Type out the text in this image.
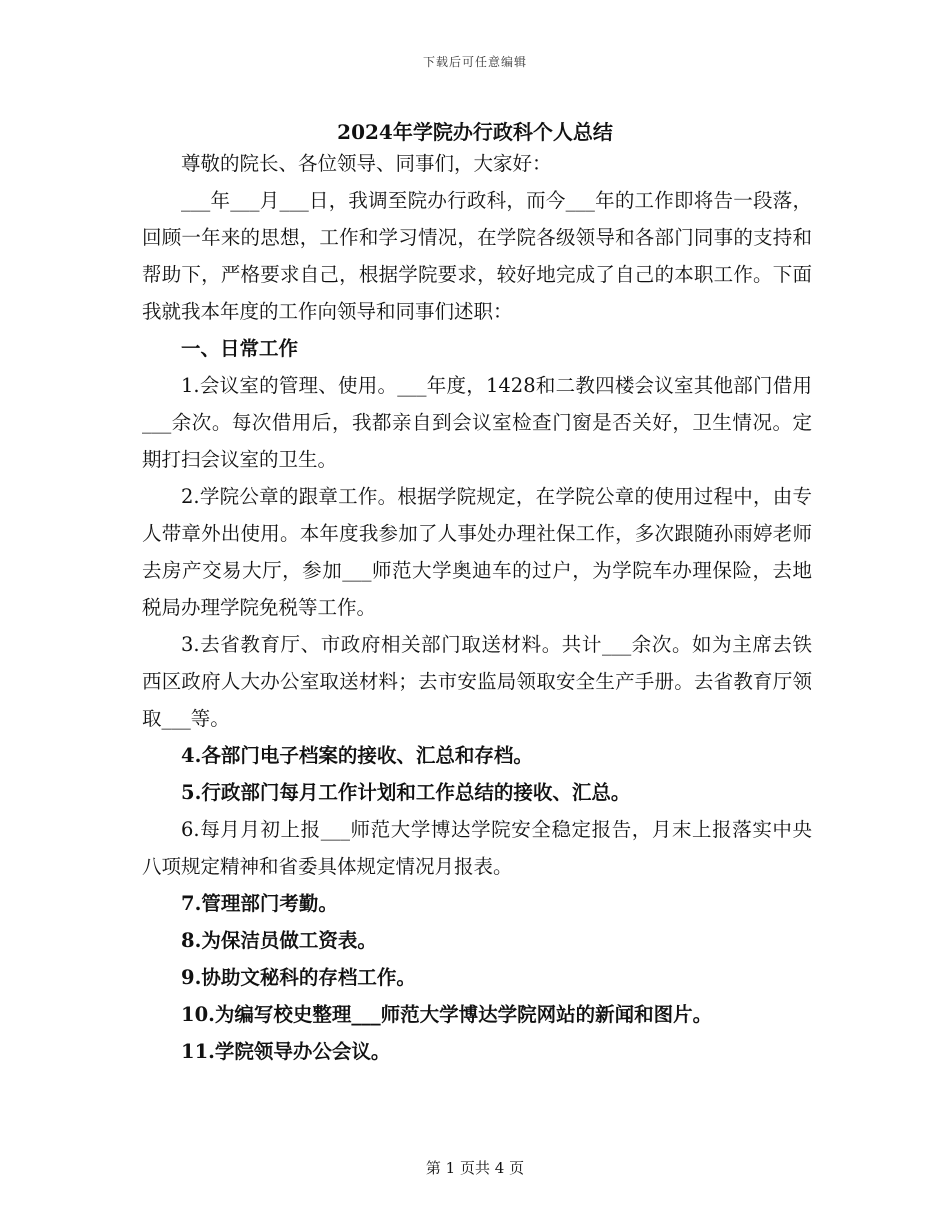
下载后可任意编辑
2024年学院办行政科个人总结

尊敬的院长、各位领导、同事们，大家好：

___年___月___日，我调至院办行政科，而今___年的工作即将告一段落，回顾一年来的思想，工作和学习情况，在学院各级领导和各部门同事的支持和帮助下，严格要求自己，根据学院要求，较好地完成了自己的本职工作。下面我就我本年度的工作向领导和同事们述职：

一、日常工作

1.会议室的管理、使用。___年度，1428和二教四楼会议室其他部门借用___余次。每次借用后，我都亲自到会议室检查门窗是否关好，卫生情况。定期打扫会议室的卫生。

2.学院公章的跟章工作。根据学院规定，在学院公章的使用过程中，由专人带章外出使用。本年度我参加了人事处办理社保工作，多次跟随孙雨婷老师去房产交易大厅，参加___师范大学奥迪车的过户，为学院车办理保险，去地税局办理学院免税等工作。

3.去省教育厅、市政府相关部门取送材料。共计___余次。如为主席去铁西区政府人大办公室取送材料；去市安监局领取安全生产手册。去省教育厅领取___等。

4.各部门电子档案的接收、汇总和存档。

5.行政部门每月工作计划和工作总结的接收、汇总。

6.每月月初上报___师范大学博达学院安全稳定报告，月末上报落实中央八项规定精神和省委具体规定情况月报表。

7.管理部门考勤。

8.为保洁员做工资表。

9.协助文秘科的存档工作。

10.为编写校史整理___师范大学博达学院网站的新闻和图片。

11.学院领导办公会议。

第 1 页共 4 页
